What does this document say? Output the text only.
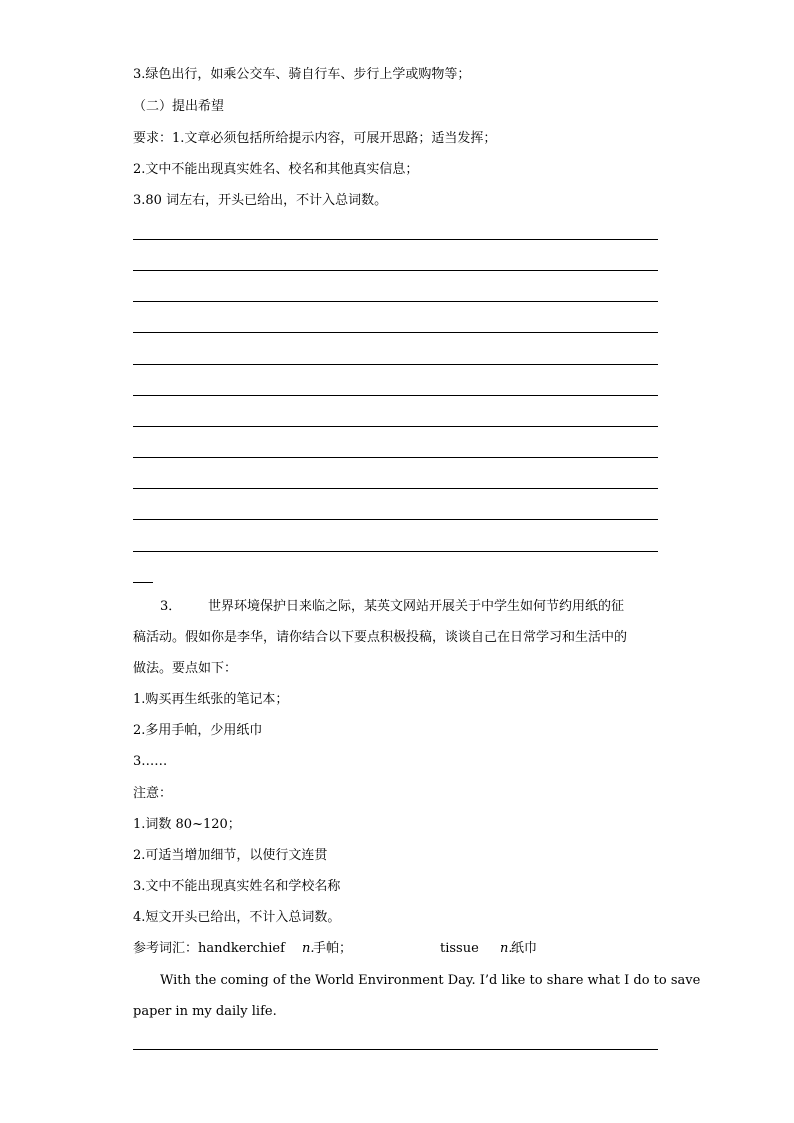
3.绿色出行，如乘公交车、骑自行车、步行上学或购物等；
（二）提出希望
要求：1.文章必须包括所给提示内容，可展开思路；适当发挥；
2.文中不能出现真实姓名、校名和其他真实信息；
3.80 词左右，开头已给出，不计入总词数。
3． 世界环境保护日来临之际，某英文网站开展关于中学生如何节约用纸的征
稿活动。假如你是李华，请你结合以下要点积极投稿，谈谈自己在日常学习和生活中的
做法。要点如下：
1.购买再生纸张的笔记本；
2.多用手帕，少用纸巾
3……
注意：
1.词数 80~120；
2.可适当增加细节，以使行文连贯
3.文中不能出现真实姓名和学校名称
4.短文开头已给出，不计入总词数。
参考词汇：handkerchief n.
手帕；	tissue n.
纸巾
With the coming of the World Environment Day. I’d like to share what I do to save
paper in my daily life.
